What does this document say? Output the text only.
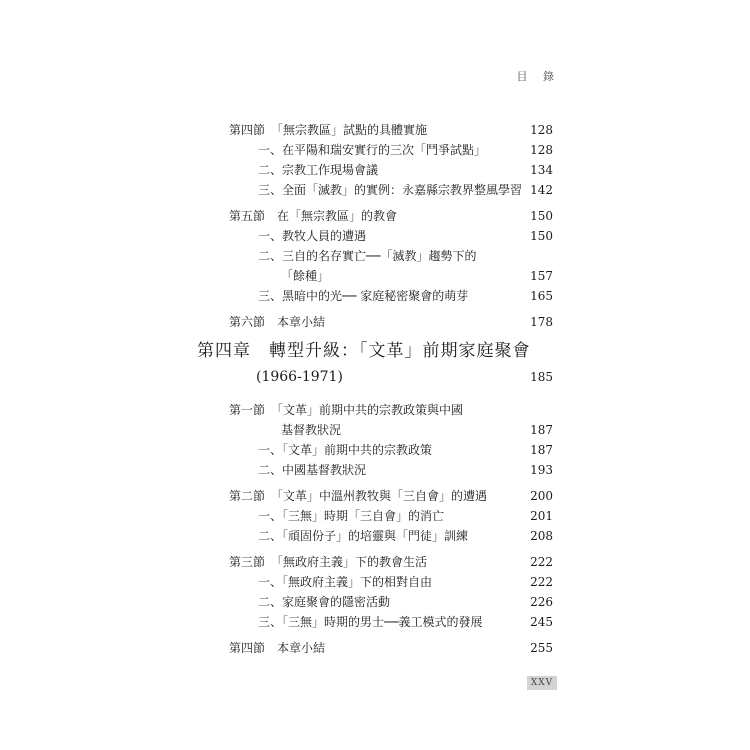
目 錄
第四節　「無宗教區」試點的具體實施	128
一、在平陽和瑞安實行的三次「鬥爭試點」	128
二、宗教工作現場會議	134
三、全面「滅教」的實例：永嘉縣宗教界整風學習 142
第五節　在「無宗教區」的教會	150
一、教牧人員的遭遇	150
二、三自的名存實亡──「滅教」趨勢下的
「餘種」	157
三、黑暗中的光── 家庭秘密聚會的萌芽	165
第六節　本章小結	178
第四章　轉型升級：「文革」前期家庭聚會
(1966-1971)	185
第一節　「文革」前期中共的宗教政策與中國
基督教狀況	187
一、「文革」前期中共的宗教政策	187
二、中國基督教狀況	193
第二節　「文革」中溫州教牧與「三自會」的遭遇	200
一、「三無」時期「三自會」的消亡	201
二、「頑固份子」的培靈與「門徒」訓練	208
第三節　「無政府主義」下的教會生活	222
一、「無政府主義」下的相對自由	222
二、家庭聚會的隱密活動	226
三、「三無」時期的男士──義工模式的發展	245
第四節　本章小結	255
XXV
